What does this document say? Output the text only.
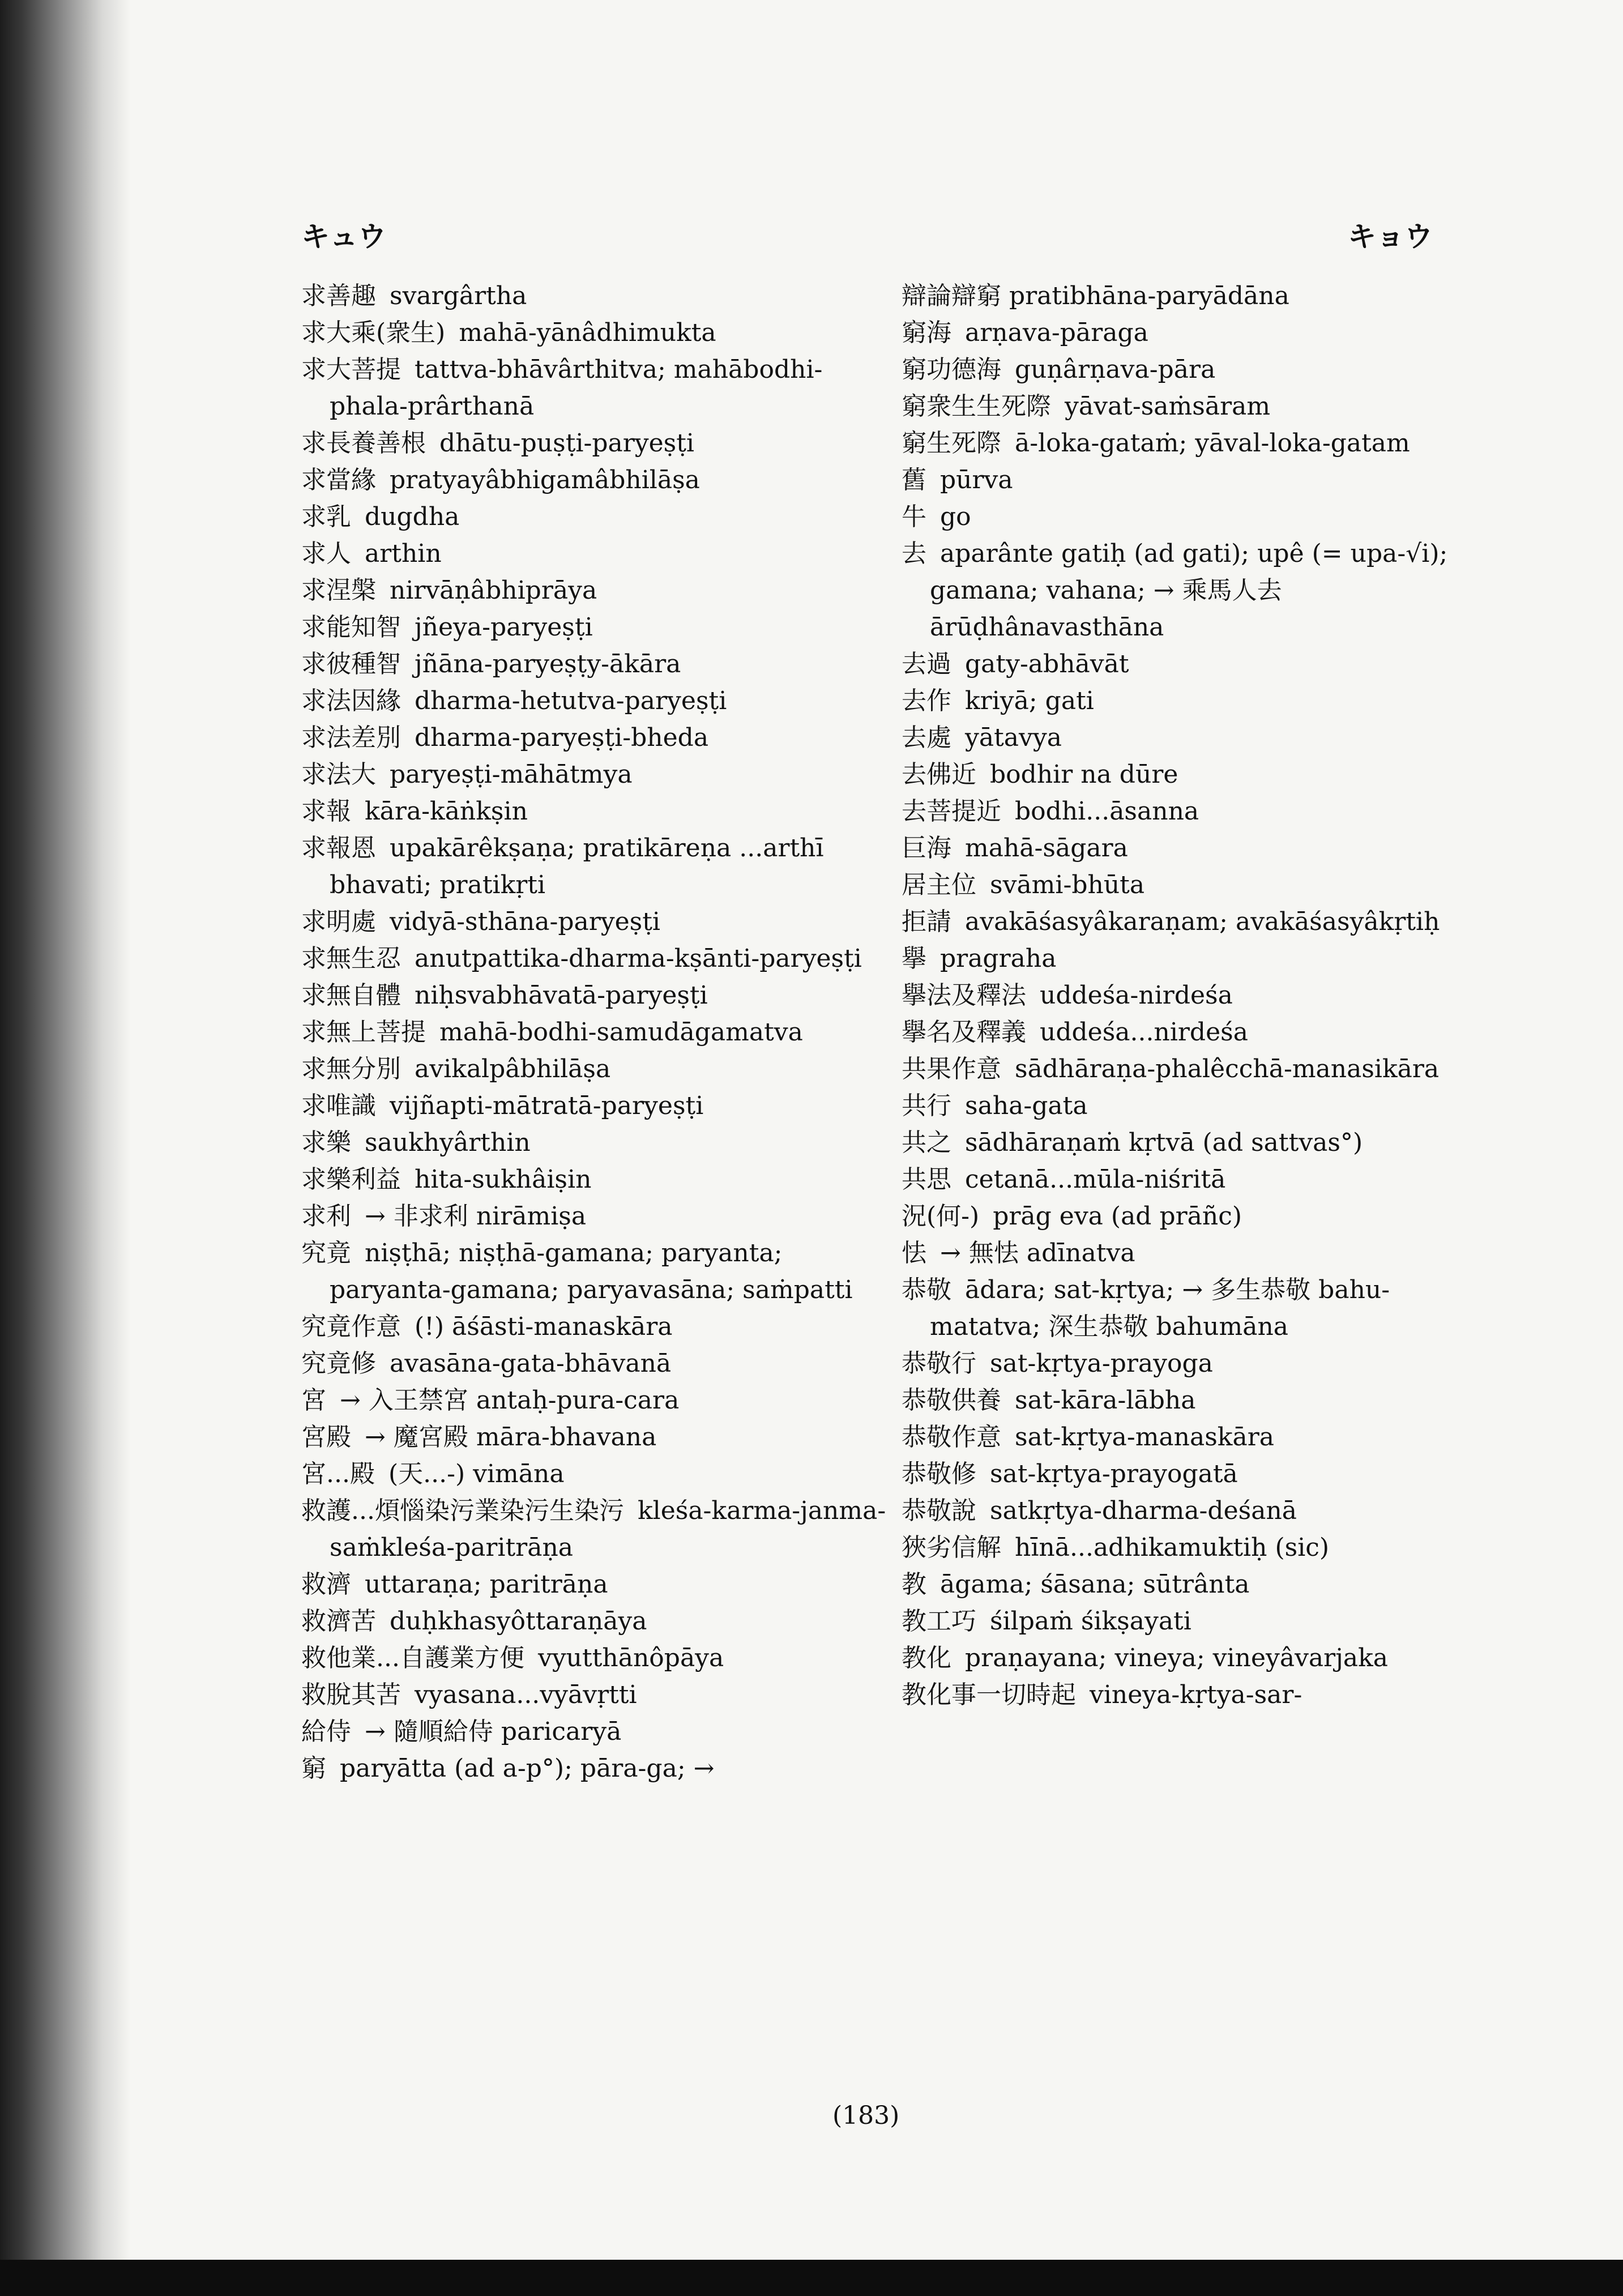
キュウ	キョウ
求善趣 svargârtha
求大乘(衆生) mahā-yānâdhimukta
求大菩提 tattva-bhāvârthitva; mahābodhi-phala-prârthanā
求長養善根 dhātu-puṣṭi-paryeṣṭi
求當緣 pratyayâbhigamâbhilāṣa
求乳 dugdha
求人 arthin
求涅槃 nirvāṇâbhiprāya
求能知智 jñeya-paryeṣṭi
求彼種智 jñāna-paryeṣṭy-ākāra
求法因緣 dharma-hetutva-paryeṣṭi
求法差別 dharma-paryeṣṭi-bheda
求法大 paryeṣṭi-māhātmya
求報 kāra-kāṅkṣin
求報恩 upakārêkṣaṇa; pratikāreṇa ...arthī bhavati; pratikṛti
求明處 vidyā-sthāna-paryeṣṭi
求無生忍 anutpattika-dharma-kṣānti-paryeṣṭi
求無自體 niḥsvabhāvatā-paryeṣṭi
求無上菩提 mahā-bodhi-samudāgamatva
求無分別 avikalpâbhilāṣa
求唯識 vijñapti-mātratā-paryeṣṭi
求樂 saukhyârthin
求樂利益 hita-sukhâiṣin
求利 → 非求利 nirāmiṣa
究竟 niṣṭhā; niṣṭhā-gamana; paryanta; paryanta-gamana; paryavasāna; saṁpatti
究竟作意 (!) āśāsti-manaskāra
究竟修 avasāna-gata-bhāvanā
宮 → 入王禁宮 antaḥ-pura-cara
宮殿 → 魔宮殿 māra-bhavana
宮...殿 (天...-) vimāna
救護...煩惱染污業染污生染污 kleśa-karma-janma-saṁkleśa-paritrāṇa
救濟 uttaraṇa; paritrāṇa
救濟苦 duḥkhasyôttaraṇāya
救他業...自護業方便 vyutthānôpāya
救脫其苦 vyasana...vyāvṛtti
給侍 → 隨順給侍 paricaryā
窮 paryātta (ad a-p°); pāra-ga; →
辯論辯窮 pratibhāna-paryādāna
窮海 arṇava-pāraga
窮功德海 guṇârṇava-pāra
窮衆生生死際 yāvat-saṁsāram
窮生死際 ā-loka-gataṁ; yāval-loka-gatam
舊 pūrva
牛 go
去 aparânte gatiḥ (ad gati); upê (= upa-√i); gamana; vahana; → 乘馬人去 ārūḍhânavasthāna
去過 gaty-abhāvāt
去作 kriyā; gati
去處 yātavya
去佛近 bodhir na dūre
去菩提近 bodhi...āsanna
巨海 mahā-sāgara
居主位 svāmi-bhūta
拒請 avakāśasyâkaraṇam; avakāśasyâkṛtiḥ
擧 pragraha
擧法及釋法 uddeśa-nirdeśa
擧名及釋義 uddeśa...nirdeśa
共果作意 sādhāraṇa-phalêcchā-manasikāra
共行 saha-gata
共之 sādhāraṇaṁ kṛtvā (ad sattvas°)
共思 cetanā...mūla-niśritā
況(何-) prāg eva (ad prāñc)
怯 → 無怯 adīnatva
恭敬 ādara; sat-kṛtya; → 多生恭敬 bahu-matatva; 深生恭敬 bahumāna
恭敬行 sat-kṛtya-prayoga
恭敬供養 sat-kāra-lābha
恭敬作意 sat-kṛtya-manaskāra
恭敬修 sat-kṛtya-prayogatā
恭敬說 satkṛtya-dharma-deśanā
狹劣信解 hīnā...adhikamuktiḥ (sic)
教 āgama; śāsana; sūtrânta
教工巧 śilpaṁ śikṣayati
教化 praṇayana; vineya; vineyâvarjaka
教化事一切時起 vineya-kṛtya-sar-
(183)
